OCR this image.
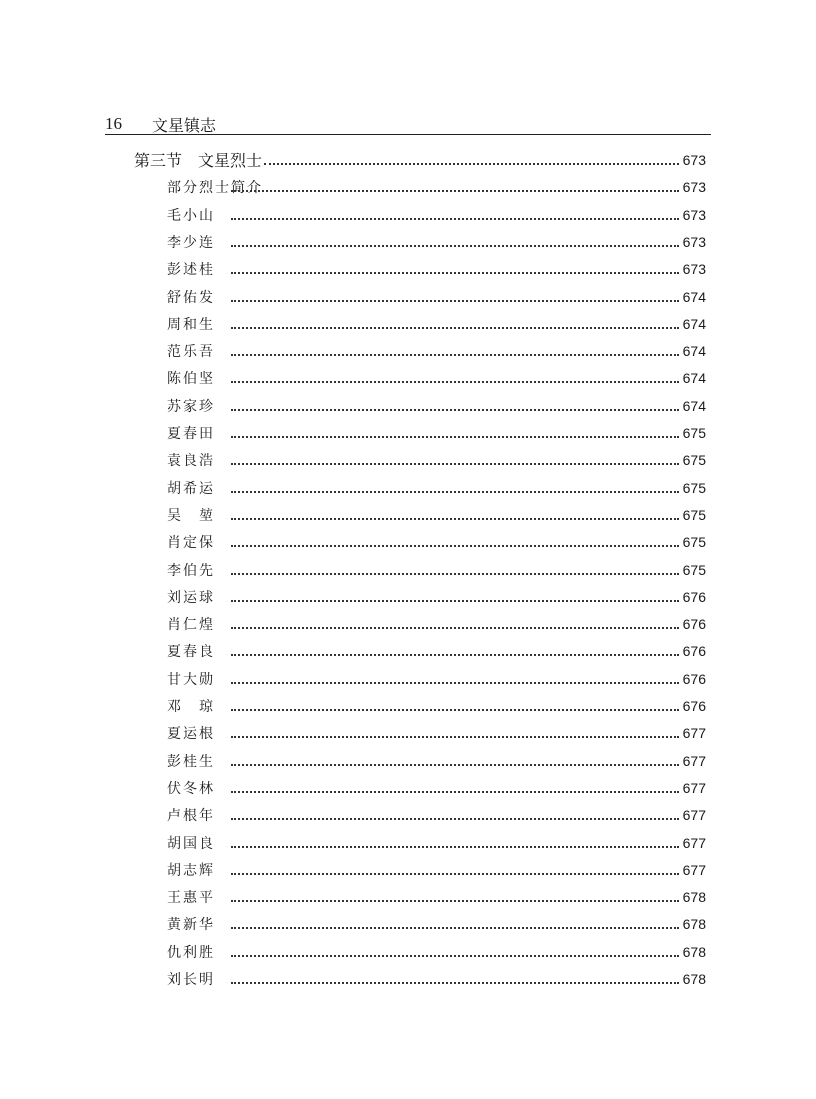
16 文星镇志
第三节　文星烈士	673
部分烈士简介	673
毛小山	673
李少连	673
彭述桂	673
舒佑发	674
周和生	674
范乐吾	674
陈伯坚	674
苏家珍	674
夏春田	675
袁良浩	675
胡希运	675
吴　堃	675
肖定保	675
李伯先	675
刘运球	676
肖仁煌	676
夏春良	676
甘大勋	676
邓　琼	676
夏运根	677
彭桂生	677
伏冬林	677
卢根年	677
胡国良	677
胡志辉	677
王惠平	678
黄新华	678
仇利胜	678
刘长明	678
